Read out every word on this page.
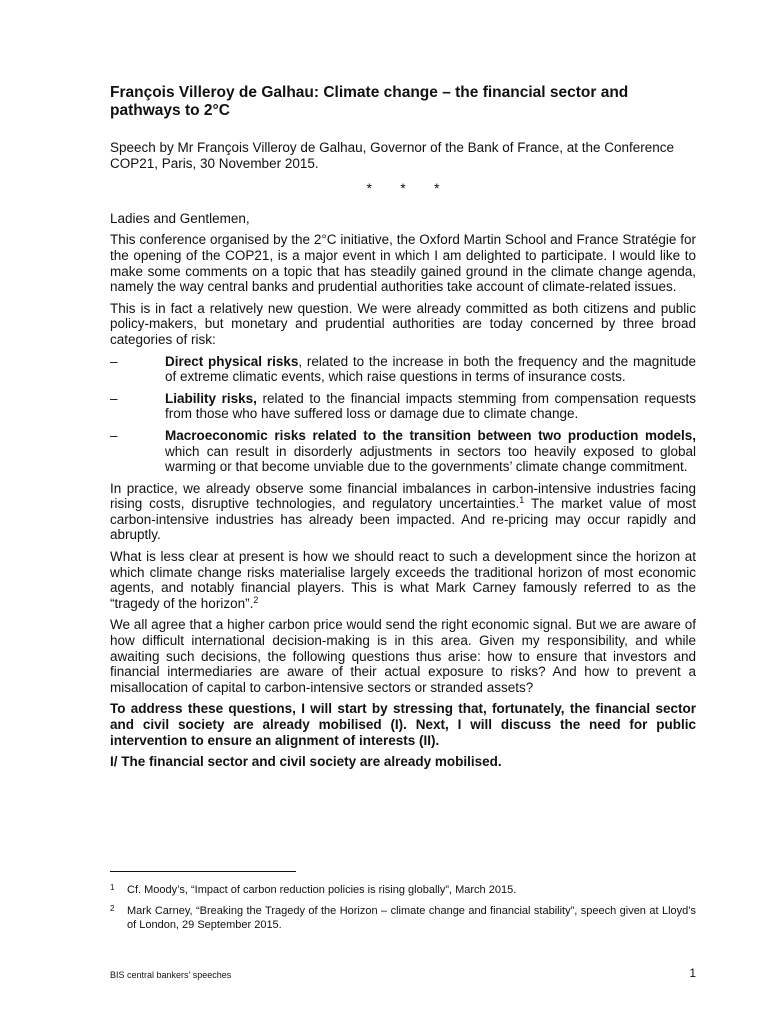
François Villeroy de Galhau: Climate change – the financial sector and pathways to 2°C

Speech by Mr François Villeroy de Galhau, Governor of the Bank of France, at the Conference COP21, Paris, 30 November 2015.

* * *

Ladies and Gentlemen,

This conference organised by the 2°C initiative, the Oxford Martin School and France Stratégie for the opening of the COP21, is a major event in which I am delighted to participate. I would like to make some comments on a topic that has steadily gained ground in the climate change agenda, namely the way central banks and prudential authorities take account of climate-related issues.

This is in fact a relatively new question. We were already committed as both citizens and public policy-makers, but monetary and prudential authorities are today concerned by three broad categories of risk:

–	Direct physical risks, related to the increase in both the frequency and the magnitude of extreme climatic events, which raise questions in terms of insurance costs.
–	Liability risks, related to the financial impacts stemming from compensation requests from those who have suffered loss or damage due to climate change.
–	Macroeconomic risks related to the transition between two production models, which can result in disorderly adjustments in sectors too heavily exposed to global warming or that become unviable due to the governments’ climate change commitment.

In practice, we already observe some financial imbalances in carbon-intensive industries facing rising costs, disruptive technologies, and regulatory uncertainties.$^1$ The market value of most carbon-intensive industries has already been impacted. And re-pricing may occur rapidly and abruptly.

What is less clear at present is how we should react to such a development since the horizon at which climate change risks materialise largely exceeds the traditional horizon of most economic agents, and notably financial players. This is what Mark Carney famously referred to as the “tragedy of the horizon”.$^2$

We all agree that a higher carbon price would send the right economic signal. But we are aware of how difficult international decision-making is in this area. Given my responsibility, and while awaiting such decisions, the following questions thus arise: how to ensure that investors and financial intermediaries are aware of their actual exposure to risks? And how to prevent a misallocation of capital to carbon-intensive sectors or stranded assets?

To address these questions, I will start by stressing that, fortunately, the financial sector and civil society are already mobilised (I). Next, I will discuss the need for public intervention to ensure an alignment of interests (II).

I/ The financial sector and civil society are already mobilised.

1	Cf. Moody’s, “Impact of carbon reduction policies is rising globally”, March 2015.
2	Mark Carney, “Breaking the Tragedy of the Horizon – climate change and financial stability”, speech given at Lloyd’s of London, 29 September 2015.
BIS central bankers’ speeches	1
